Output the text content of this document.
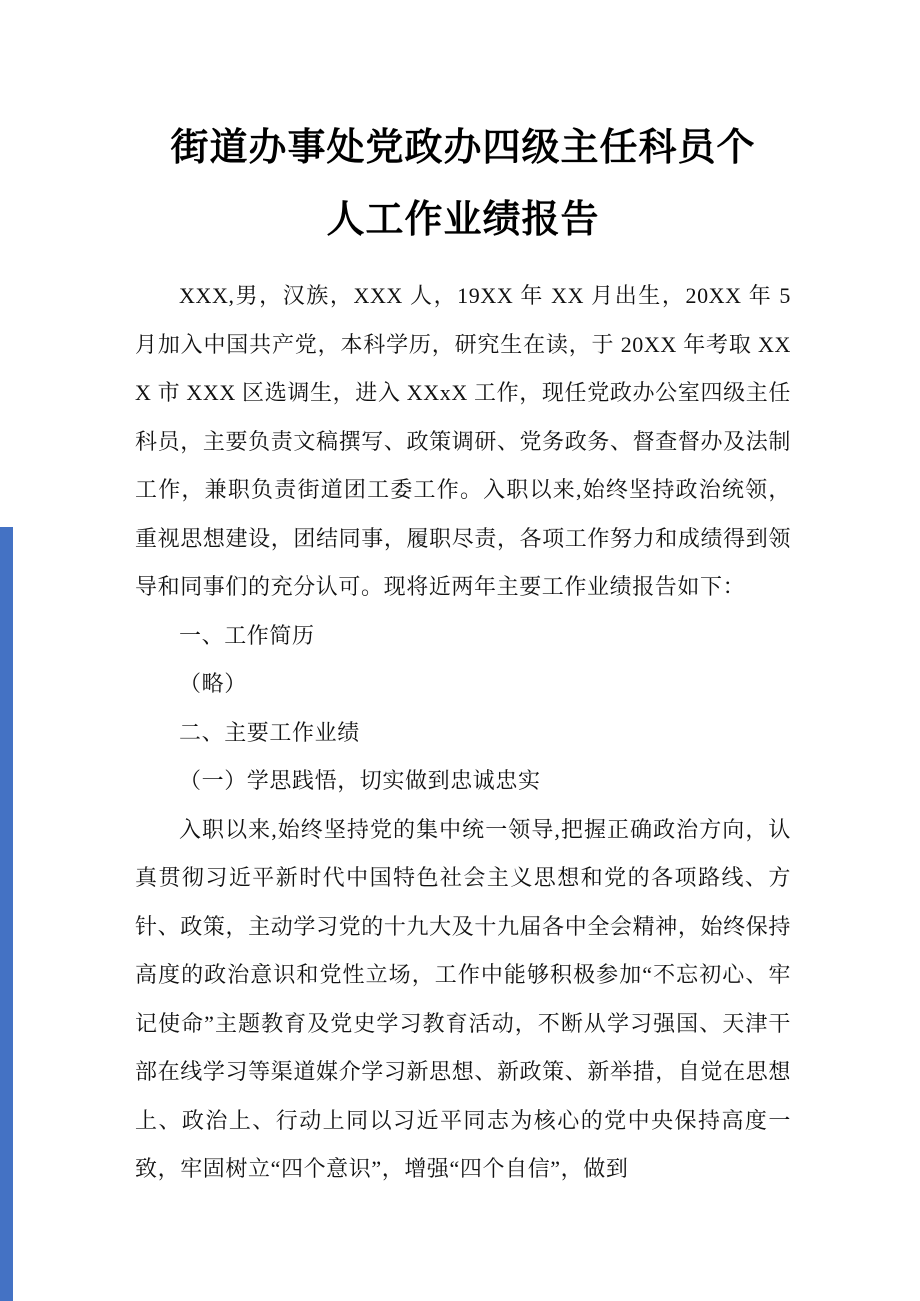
街道办事处党政办四级主任科员个
人工作业绩报告

XXX,男，汉族，XXX 人，19XX 年 XX 月出生，20XX 年 5 月加入中国共产党，本科学历，研究生在读，于 20XX 年考取 XXX 市 XXX 区选调生，进入 XXxX 工作，现任党政办公室四级主任科员，主要负责文稿撰写、政策调研、党务政务、督查督办及法制工作，兼职负责街道团工委工作。入职以来,始终坚持政治统领，重视思想建设，团结同事，履职尽责，各项工作努力和成绩得到领导和同事们的充分认可。现将近两年主要工作业绩报告如下：

一、工作简历

（略）

二、主要工作业绩

（一）学思践悟，切实做到忠诚忠实

入职以来,始终坚持党的集中统一领导,把握正确政治方向，认真贯彻习近平新时代中国特色社会主义思想和党的各项路线、方针、政策，主动学习党的十九大及十九届各中全会精神，始终保持高度的政治意识和党性立场，工作中能够积极参加“不忘初心、牢记使命”主题教育及党史学习教育活动，不断从学习强国、天津干部在线学习等渠道媒介学习新思想、新政策、新举措，自觉在思想上、政治上、行动上同以习近平同志为核心的党中央保持高度一致，牢固树立“四个意识”，增强“四个自信”，做到
